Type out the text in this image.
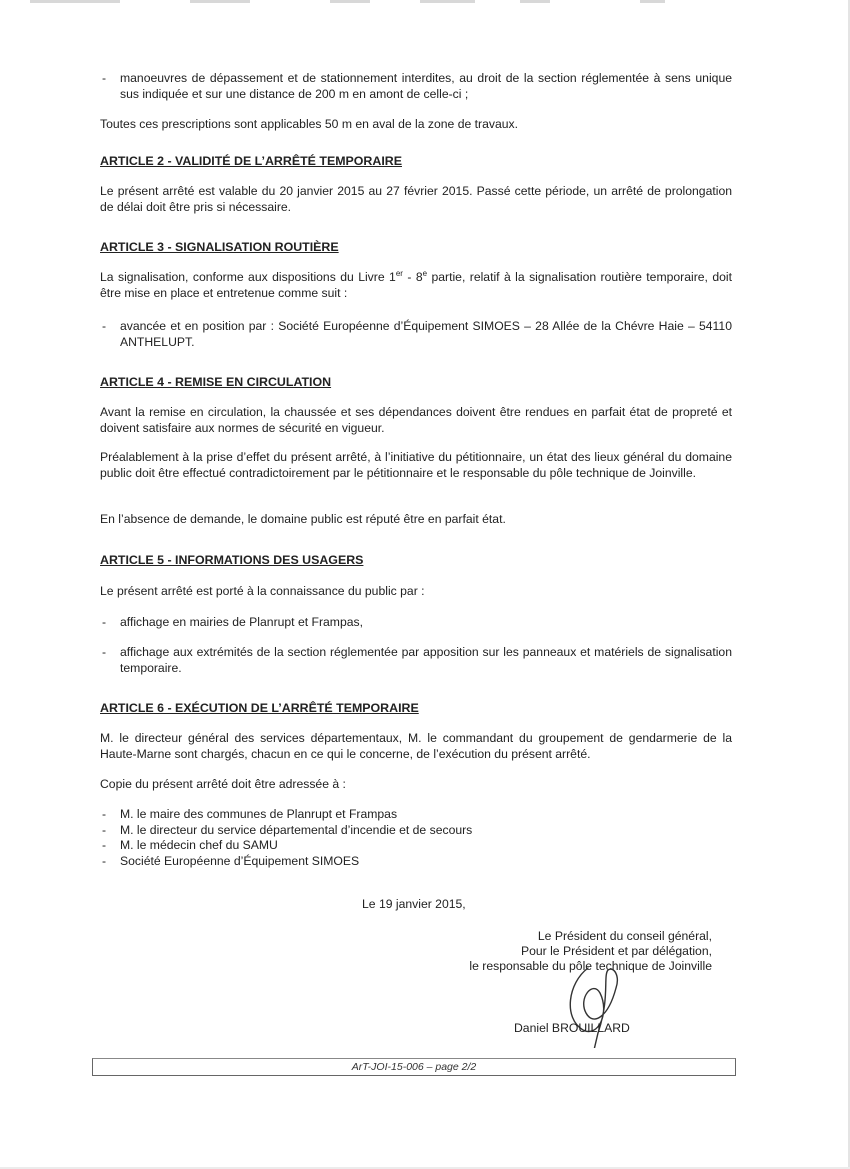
- manoeuvres de dépassement et de stationnement interdites, au droit de la section réglementée à sens unique sus indiquée et sur une distance de 200 m en amont de celle-ci ;

Toutes ces prescriptions sont applicables 50 m en aval de la zone de travaux.

ARTICLE 2 - VALIDITÉ DE L’ARRÊTÉ TEMPORAIRE

Le présent arrêté est valable du 20 janvier 2015 au 27 février 2015. Passé cette période, un arrêté de prolongation de délai doit être pris si nécessaire.

ARTICLE 3 - SIGNALISATION ROUTIÈRE

La signalisation, conforme aux dispositions du Livre 1er - 8e partie, relatif à la signalisation routière temporaire, doit être mise en place et entretenue comme suit :

- avancée et en position par : Société Européenne d’Équipement SIMOES – 28 Allée de la Chévre Haie – 54110 ANTHELUPT.

ARTICLE 4 - REMISE EN CIRCULATION

Avant la remise en circulation, la chaussée et ses dépendances doivent être rendues en parfait état de propreté et doivent satisfaire aux normes de sécurité en vigueur.

Préalablement à la prise d’effet du présent arrêté, à l’initiative du pétitionnaire, un état des lieux général du domaine public doit être effectué contradictoirement par le pétitionnaire et le responsable du pôle technique de Joinville.

En l’absence de demande, le domaine public est réputé être en parfait état.

ARTICLE 5 - INFORMATIONS DES USAGERS

Le présent arrêté est porté à la connaissance du public par :

- affichage en mairies de Planrupt et Frampas,
- affichage aux extrémités de la section réglementée par apposition sur les panneaux et matériels de signalisation temporaire.

ARTICLE 6 - EXÉCUTION DE L’ARRÊTÉ TEMPORAIRE

M. le directeur général des services départementaux, M. le commandant du groupement de gendarmerie de la Haute-Marne sont chargés, chacun en ce qui le concerne, de l’exécution du présent arrêté.

Copie du présent arrêté doit être adressée à :

- M. le maire des communes de Planrupt et Frampas
- M. le directeur du service départemental d’incendie et de secours
- M. le médecin chef du SAMU
- Société Européenne d’Équipement SIMOES
Le 19 janvier 2015,
Le Président du conseil général,
Pour le Président et par délégation,
le responsable du pôle technique de Joinville
Daniel BROUILLARD
ArT-JOI-15-006 – page 2/2
